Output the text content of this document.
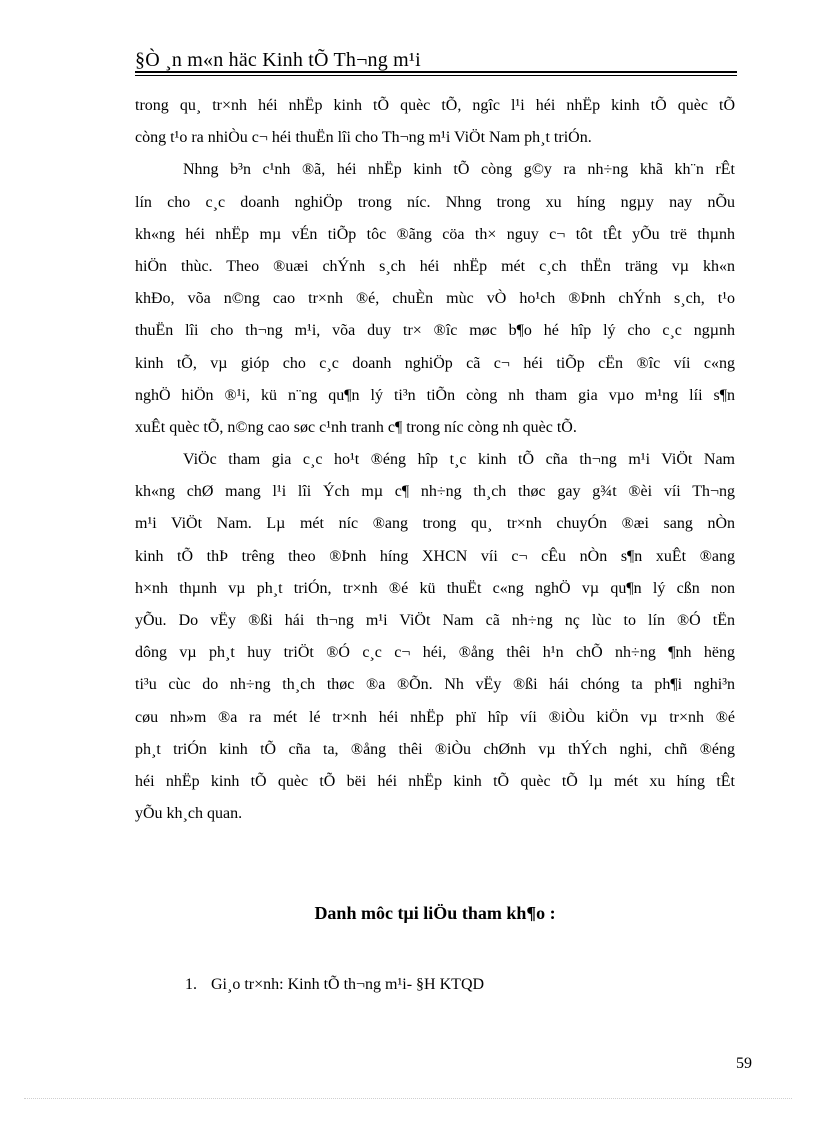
§Ò ¸n m«n häc Kinh tÕ Th¬ng m¹i
trong qu¸ tr×nh héi nhËp kinh tÕ quèc tÕ, ngîc l¹i héi nhËp kinh tÕ quèc tÕ
còng t¹o ra nhiÒu c¬ héi thuËn lîi cho Th¬ng m¹i ViÖt Nam ph¸t triÓn.
Nhng b³n c¹nh ®ã, héi nhËp kinh tÕ còng g©y ra nh÷ng khã kh¨n rÊt
lín cho c¸c doanh nghiÖp trong níc. Nhng trong xu híng ngµy nay nÕu
kh«ng héi nhËp mµ vÉn tiÕp tôc ®ãng cöa th× nguy c¬ tôt tÊt yÕu trë thµnh
hiÖn thùc. Theo ®uæi chÝnh s¸ch héi nhËp mét c¸ch thËn träng vµ kh«n
khÐo, võa n©ng cao tr×nh ®é, chuÈn mùc vÒ ho¹ch ®Þnh chÝnh s¸ch, t¹o
thuËn lîi cho th¬ng m¹i, võa duy tr× ®îc møc b¶o hé hîp lý cho c¸c ngµnh
kinh tÕ, vµ gióp cho c¸c doanh nghiÖp cã c¬ héi tiÕp cËn ®îc víi c«ng
nghÖ hiÖn ®¹i, kü n¨ng qu¶n lý ti³n tiÕn còng nh tham gia vµo m¹ng líi s¶n
xuÊt quèc tÕ, n©ng cao søc c¹nh tranh c¶ trong níc còng nh quèc tÕ.
ViÖc tham gia c¸c ho¹t ®éng hîp t¸c kinh tÕ cña th¬ng m¹i ViÖt Nam
kh«ng chØ mang l¹i lîi Ých mµ c¶ nh÷ng th¸ch thøc gay g¾t ®èi víi Th¬ng
m¹i ViÖt Nam. Lµ mét níc ®ang trong qu¸ tr×nh chuyÓn ®æi sang nÒn
kinh tÕ thÞ trêng theo ®Þnh híng XHCN víi c¬ cÊu nÒn s¶n xuÊt ®ang
h×nh thµnh vµ ph¸t triÓn, tr×nh ®é kü thuËt c«ng nghÖ vµ qu¶n lý cßn non
yÕu. Do vËy ®ßi hái th¬ng m¹i ViÖt Nam cã nh÷ng nç lùc to lín ®Ó tËn
dông vµ ph¸t huy triÖt ®Ó c¸c c¬ héi, ®ång thêi h¹n chÕ nh÷ng ¶nh hëng
ti³u cùc do nh÷ng th¸ch thøc ®a ®Õn. Nh vËy ®ßi hái chóng ta ph¶i nghi³n
cøu nh»m ®a ra mét lé tr×nh héi nhËp phï hîp víi ®iÒu kiÖn vµ tr×nh ®é
ph¸t triÓn kinh tÕ cña ta, ®ång thêi ®iÒu chØnh vµ thÝch nghi, chñ ®éng
héi nhËp kinh tÕ quèc tÕ bëi héi nhËp kinh tÕ quèc tÕ lµ mét xu híng tÊt
yÕu kh¸ch quan.
Danh môc tµi liÖu tham kh¶o :
1. Gi¸o tr×nh: Kinh tÕ th¬ng m¹i- §H KTQD
59
